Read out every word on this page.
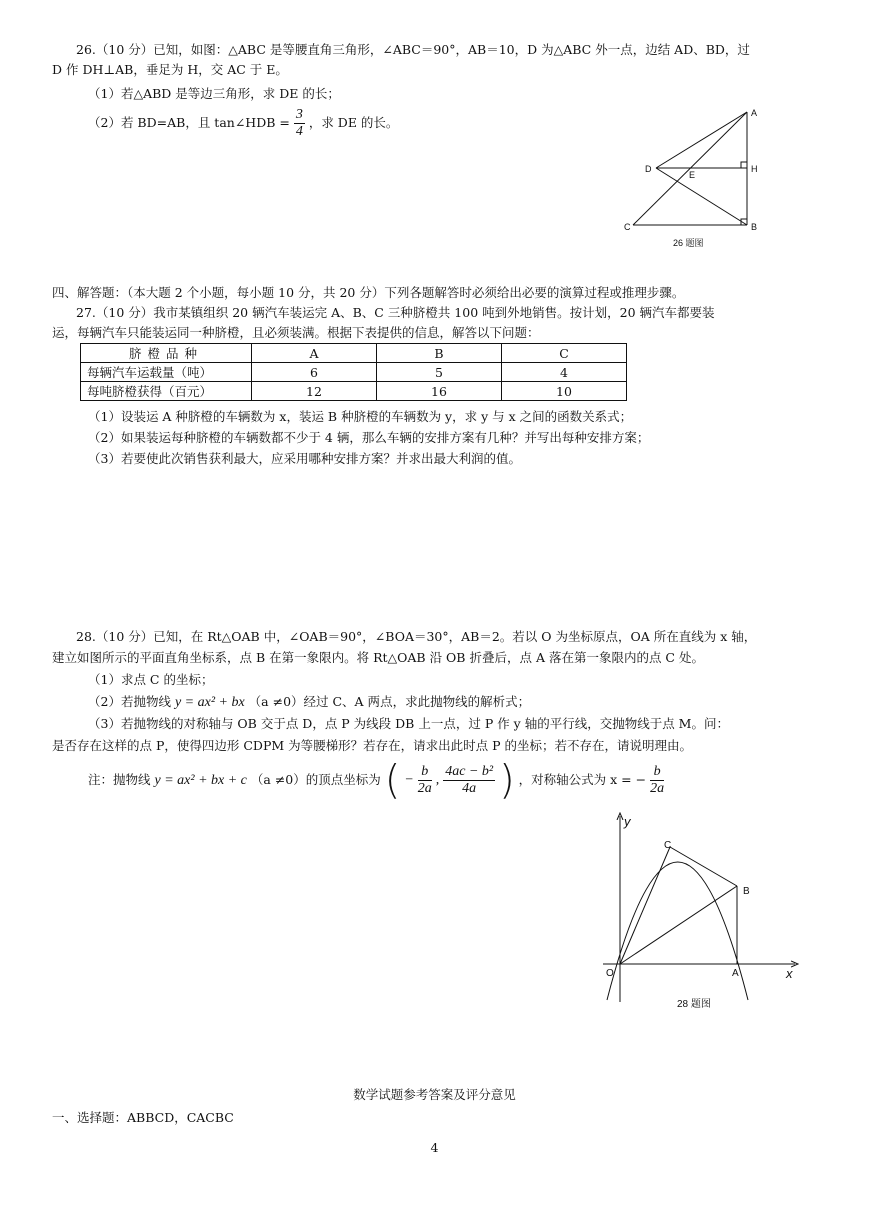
26.（10 分）已知，如图：△ABC 是等腰直角三角形，∠ABC＝90°，AB＝10，D 为△ABC 外一点，边结 AD、BD，过
D 作 DH⊥AB，垂足为 H，交 AC 于 E。
（1）若△ABD 是等边三角形，求 DE 的长；
（2）若 BD=AB，且 tan∠HDB = $\frac{3}{4}$ ，求 DE 的长。
A
H
D
E
C	B
26 题图
四、解答题：（本大题 2 个小题，每小题 10 分，共 20 分）下列各题解答时必须给出必要的演算过程或推理步骤。
27.（10 分）我市某镇组织 20 辆汽车装运完 A、B、C 三种脐橙共 100 吨到外地销售。按计划，20 辆汽车都要装
运，每辆汽车只能装运同一种脐橙，且必须装满。根据下表提供的信息，解答以下问题：
脐橙品种	A	B	C
每辆汽车运载量（吨）	6	5	4
每吨脐橙获得（百元）	12	16	10
（1）设装运 A 种脐橙的车辆数为 x，装运 B 种脐橙的车辆数为 y，求 y 与 x 之间的函数关系式；
（2）如果装运每种脐橙的车辆数都不少于 4 辆，那么车辆的安排方案有几种？并写出每种安排方案；
（3）若要使此次销售获利最大，应采用哪种安排方案？并求出最大利润的值。
28.（10 分）已知，在 Rt△OAB 中，∠OAB＝90°，∠BOA＝30°，AB＝2。若以 O 为坐标原点，OA 所在直线为 x 轴，
建立如图所示的平面直角坐标系，点 B 在第一象限内。将 Rt△OAB 沿 OB 折叠后，点 A 落在第一象限内的点 C 处。
（1）求点 C 的坐标；
（2）若抛物线 y = ax² + bx （a ≠0）经过 C、A 两点，求此抛物线的解析式；
（3）若抛物线的对称轴与 OB 交于点 D，点 P 为线段 DB 上一点，过 P 作 y 轴的平行线，交抛物线于点 M。问：
是否存在这样的点 P，使得四边形 CDPM 为等腰梯形？若存在，请求出此时点 P 的坐标；若不存在，请说明理由。
注：抛物线 y = ax² + bx + c （a ≠0）的顶点坐标为 ( − $\frac{b}{2a}$ , $\frac{\text{4ac − b²}}{4a}$ ) ，对称轴公式为 x = − $\frac{b}{2a}$
y
x
O	A
B
C
28 题图
数学试题参考答案及评分意见
一、选择题：ABBCD，CACBC
4
